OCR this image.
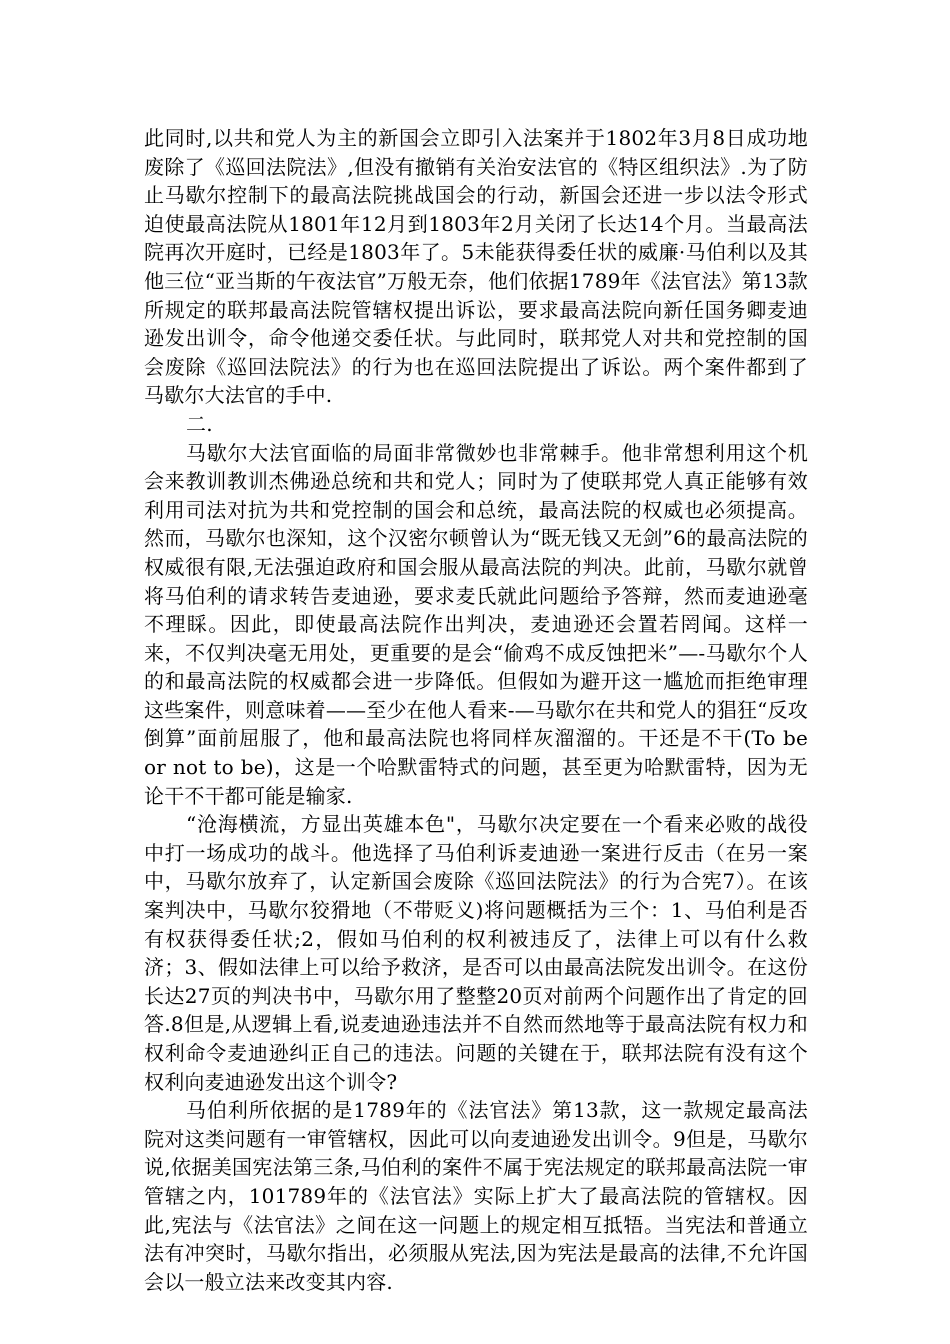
此同时,以共和党人为主的新国会立即引入法案并于1802年3月8日成功地废除了《巡回法院法》,但没有撤销有关治安法官的《特区组织法》.为了防止马歇尔控制下的最高法院挑战国会的行动，新国会还进一步以法令形式迫使最高法院从1801年12月到1803年2月关闭了长达14个月。当最高法院再次开庭时，已经是1803年了。5未能获得委任状的威廉·马伯利以及其他三位“亚当斯的午夜法官”万般无奈，他们依据1789年《法官法》第13款所规定的联邦最高法院管辖权提出诉讼，要求最高法院向新任国务卿麦迪逊发出训令，命令他递交委任状。与此同时，联邦党人对共和党控制的国会废除《巡回法院法》的行为也在巡回法院提出了诉讼。两个案件都到了马歇尔大法官的手中.

二.

马歇尔大法官面临的局面非常微妙也非常棘手。他非常想利用这个机会来教训教训杰佛逊总统和共和党人；同时为了使联邦党人真正能够有效利用司法对抗为共和党控制的国会和总统，最高法院的权威也必须提高。然而，马歇尔也深知，这个汉密尔顿曾认为“既无钱又无剑”6的最高法院的权威很有限,无法强迫政府和国会服从最高法院的判决。此前，马歇尔就曾将马伯利的请求转告麦迪逊，要求麦氏就此问题给予答辩，然而麦迪逊毫不理睬。因此，即使最高法院作出判决，麦迪逊还会置若罔闻。这样一来，不仅判决毫无用处，更重要的是会“偷鸡不成反蚀把米”—-马歇尔个人的和最高法院的权威都会进一步降低。但假如为避开这一尴尬而拒绝审理这些案件，则意味着——至少在他人看来-—马歇尔在共和党人的猖狂“反攻倒算”面前屈服了，他和最高法院也将同样灰溜溜的。干还是不干(To be or not to be)，这是一个哈默雷特式的问题，甚至更为哈默雷特，因为无论干不干都可能是输家.

“沧海横流，方显出英雄本色"，马歇尔决定要在一个看来必败的战役中打一场成功的战斗。他选择了马伯利诉麦迪逊一案进行反击（在另一案中，马歇尔放弃了，认定新国会废除《巡回法院法》的行为合宪7）。在该案判决中，马歇尔狡猾地（不带贬义)将问题概括为三个：1、马伯利是否有权获得委任状;2，假如马伯利的权利被违反了，法律上可以有什么救济；3、假如法律上可以给予救济，是否可以由最高法院发出训令。在这份长达27页的判决书中，马歇尔用了整整20页对前两个问题作出了肯定的回答.8但是,从逻辑上看,说麦迪逊违法并不自然而然地等于最高法院有权力和权利命令麦迪逊纠正自己的违法。问题的关键在于，联邦法院有没有这个权利向麦迪逊发出这个训令?

马伯利所依据的是1789年的《法官法》第13款，这一款规定最高法院对这类问题有一审管辖权，因此可以向麦迪逊发出训令。9但是，马歇尔说,依据美国宪法第三条,马伯利的案件不属于宪法规定的联邦最高法院一审管辖之内，101789年的《法官法》实际上扩大了最高法院的管辖权。因此,宪法与《法官法》之间在这一问题上的规定相互抵牾。当宪法和普通立法有冲突时，马歇尔指出，必须服从宪法,因为宪法是最高的法律,不允许国会以一般立法来改变其内容.
